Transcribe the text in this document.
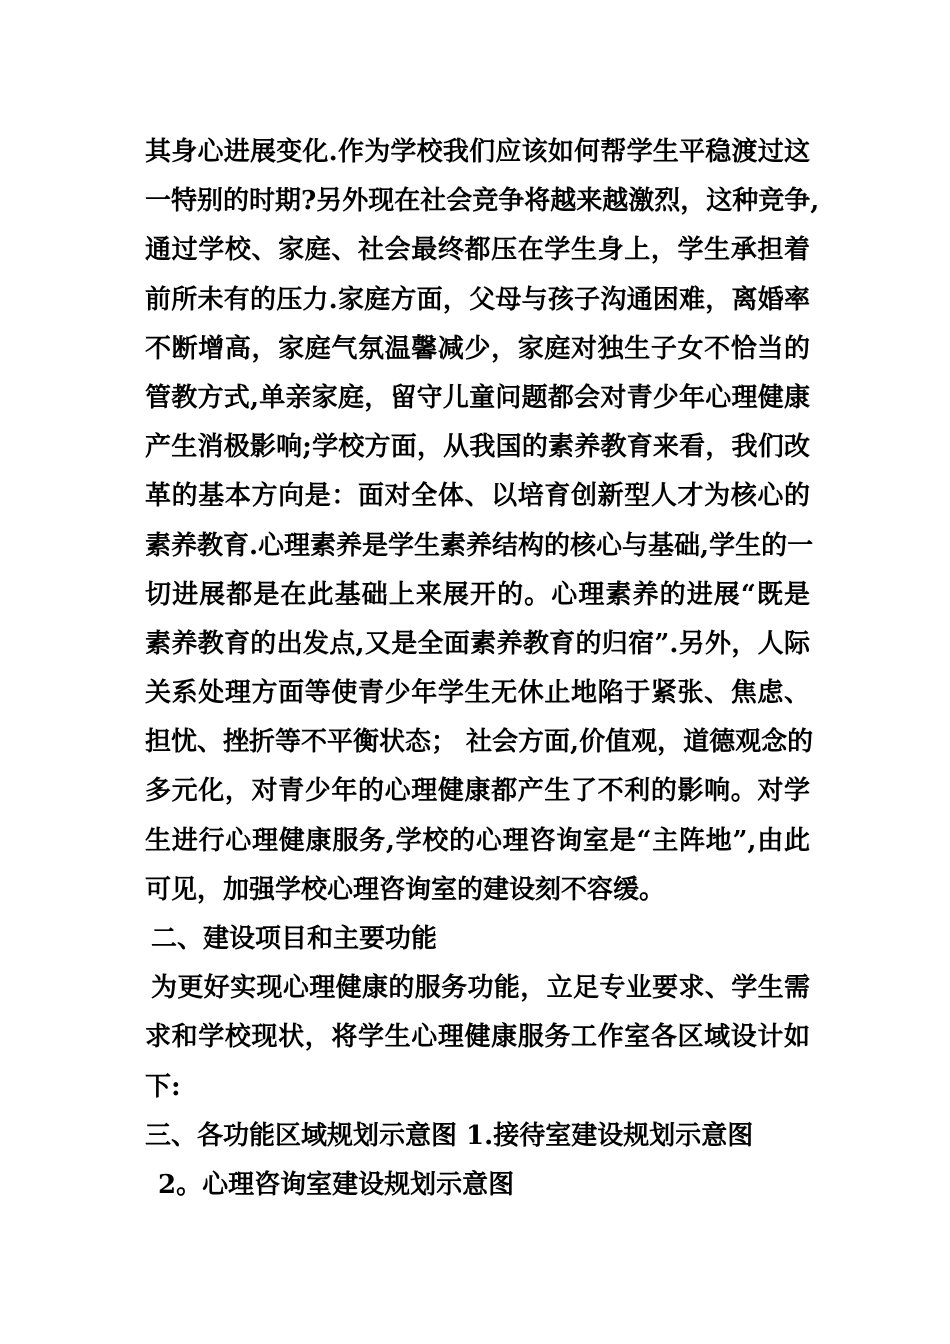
其身心进展变化.作为学校我们应该如何帮学生平稳渡过这
一特别的时期?另外现在社会竞争将越来越激烈，这种竞争,
通过学校、家庭、社会最终都压在学生身上，学生承担着
前所未有的压力.家庭方面，父母与孩子沟通困难，离婚率
不断增高，家庭气氛温馨减少，家庭对独生子女不恰当的
管教方式,单亲家庭，留守儿童问题都会对青少年心理健康
产生消极影响;学校方面，从我国的素养教育来看，我们改
革的基本方向是：面对全体、以培育创新型人才为核心的
素养教育.心理素养是学生素养结构的核心与基础,学生的一
切进展都是在此基础上来展开的。心理素养的进展“既是
素养教育的出发点,又是全面素养教育的归宿”.另外，人际
关系处理方面等使青少年学生无休止地陷于紧张、焦虑、
担忧、挫折等不平衡状态； 社会方面,价值观，道德观念的
多元化，对青少年的心理健康都产生了不利的影响。对学
生进行心理健康服务,学校的心理咨询室是“主阵地”,由此
可见，加强学校心理咨询室的建设刻不容缓。
二、建设项目和主要功能
为更好实现心理健康的服务功能，立足专业要求、学生需
求和学校现状，将学生心理健康服务工作室各区域设计如
下:
三、各功能区域规划示意图 1.接待室建设规划示意图
2。心理咨询室建设规划示意图
